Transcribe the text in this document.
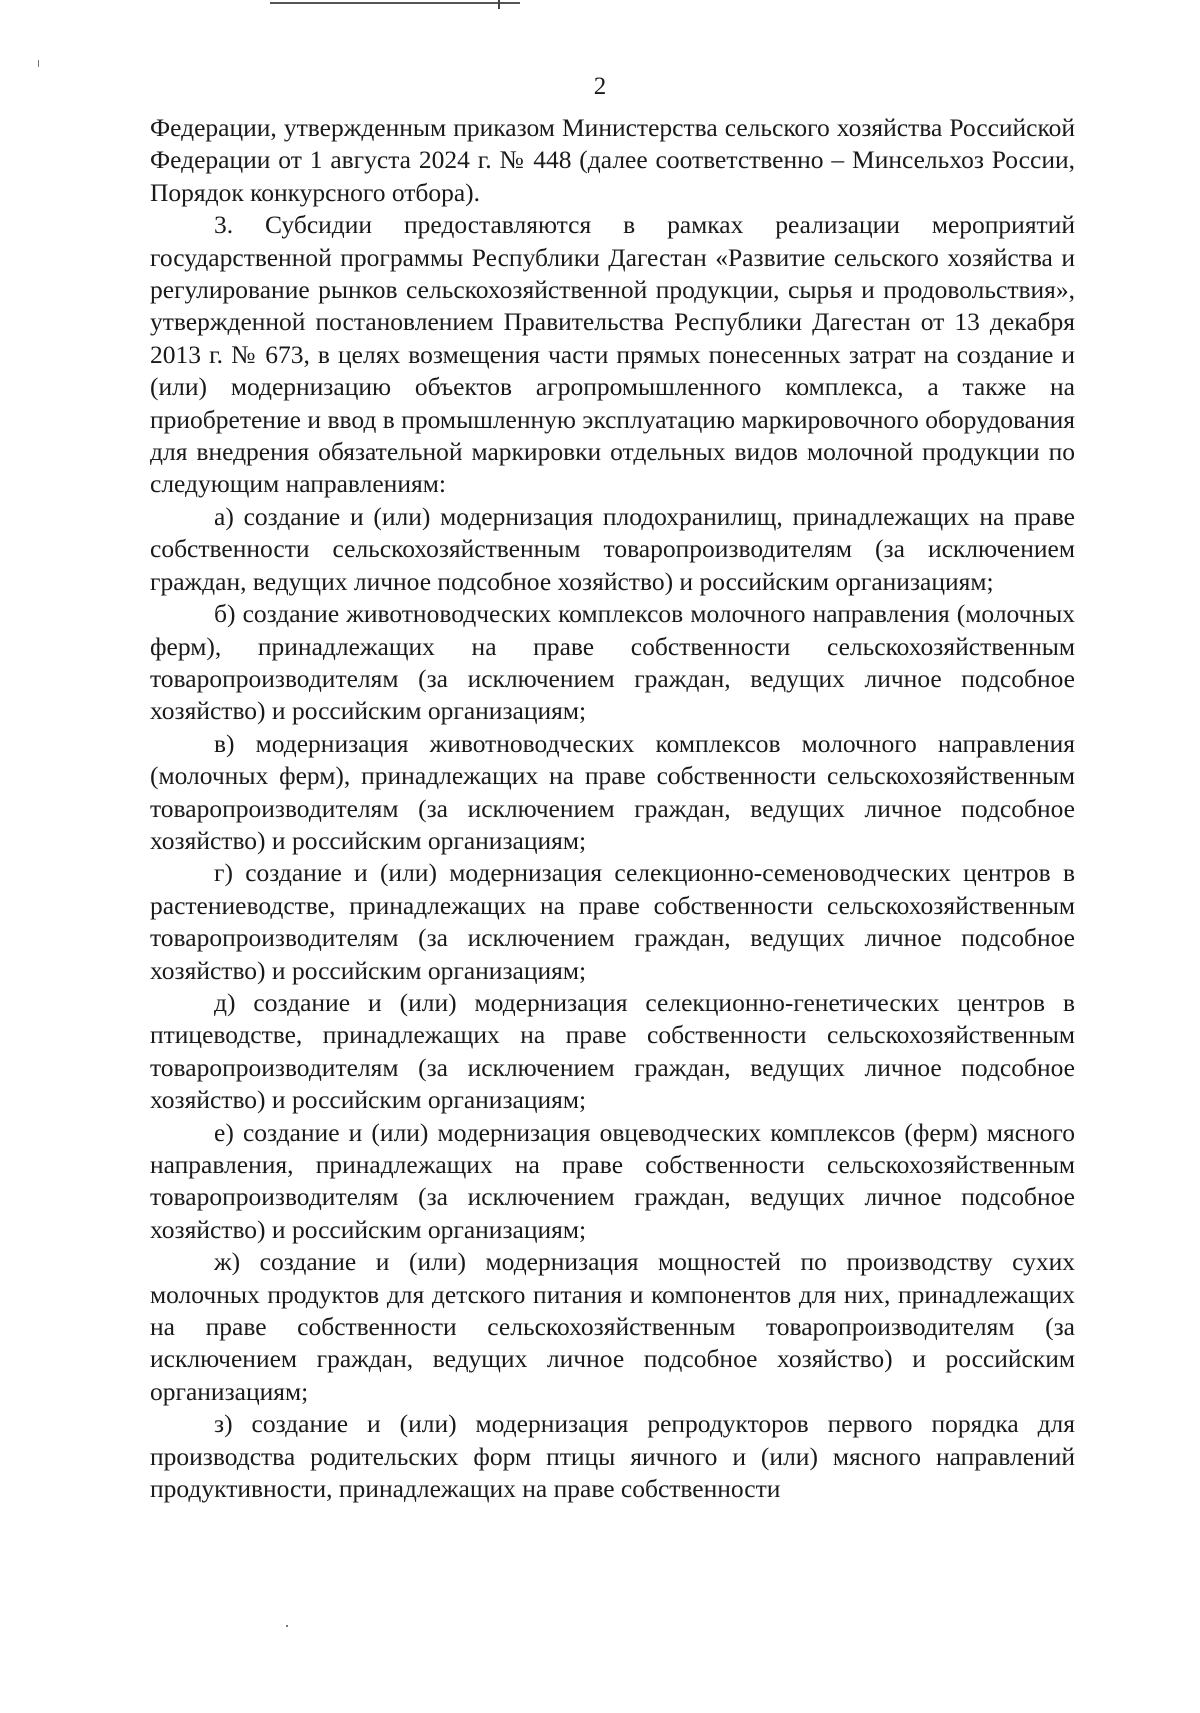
2

Федерации, утвержденным приказом Министерства сельского хозяйства Российской Федерации от 1 августа 2024 г. № 448 (далее соответственно – Минсельхоз России, Порядок конкурсного отбора).

3. Субсидии предоставляются в рамках реализации мероприятий государственной программы Республики Дагестан «Развитие сельского хозяйства и регулирование рынков сельскохозяйственной продукции, сырья и продовольствия», утвержденной постановлением Правительства Республики Дагестан от 13 декабря 2013 г. № 673, в целях возмещения части прямых понесенных затрат на создание и (или) модернизацию объектов агропромышленного комплекса, а также на приобретение и ввод в промышленную эксплуатацию маркировочного оборудования для внедрения обязательной маркировки отдельных видов молочной продукции по следующим направлениям:

а) создание и (или) модернизация плодохранилищ, принадлежащих на праве собственности сельскохозяйственным товаропроизводителям (за исключением граждан, ведущих личное подсобное хозяйство) и российским организациям;

б) создание животноводческих комплексов молочного направления (молочных ферм), принадлежащих на праве собственности сельскохозяйственным товаропроизводителям (за исключением граждан, ведущих личное подсобное хозяйство) и российским организациям;

в) модернизация животноводческих комплексов молочного направления (молочных ферм), принадлежащих на праве собственности сельскохозяйственным товаропроизводителям (за исключением граждан, ведущих личное подсобное хозяйство) и российским организациям;

г) создание и (или) модернизация селекционно-семеноводческих центров в растениеводстве, принадлежащих на праве собственности сельскохозяйственным товаропроизводителям (за исключением граждан, ведущих личное подсобное хозяйство) и российским организациям;

д) создание и (или) модернизация селекционно-генетических центров в птицеводстве, принадлежащих на праве собственности сельскохозяйственным товаропроизводителям (за исключением граждан, ведущих личное подсобное хозяйство) и российским организациям;

е) создание и (или) модернизация овцеводческих комплексов (ферм) мясного направления, принадлежащих на праве собственности сельскохозяйственным товаропроизводителям (за исключением граждан, ведущих личное подсобное хозяйство) и российским организациям;

ж) создание и (или) модернизация мощностей по производству сухих молочных продуктов для детского питания и компонентов для них, принадлежащих на праве собственности сельскохозяйственным товаропроизводителям (за исключением граждан, ведущих личное подсобное хозяйство) и российским организациям;

з) создание и (или) модернизация репродукторов первого порядка для производства родительских форм птицы яичного и (или) мясного направлений продуктивности, принадлежащих на праве собственности
